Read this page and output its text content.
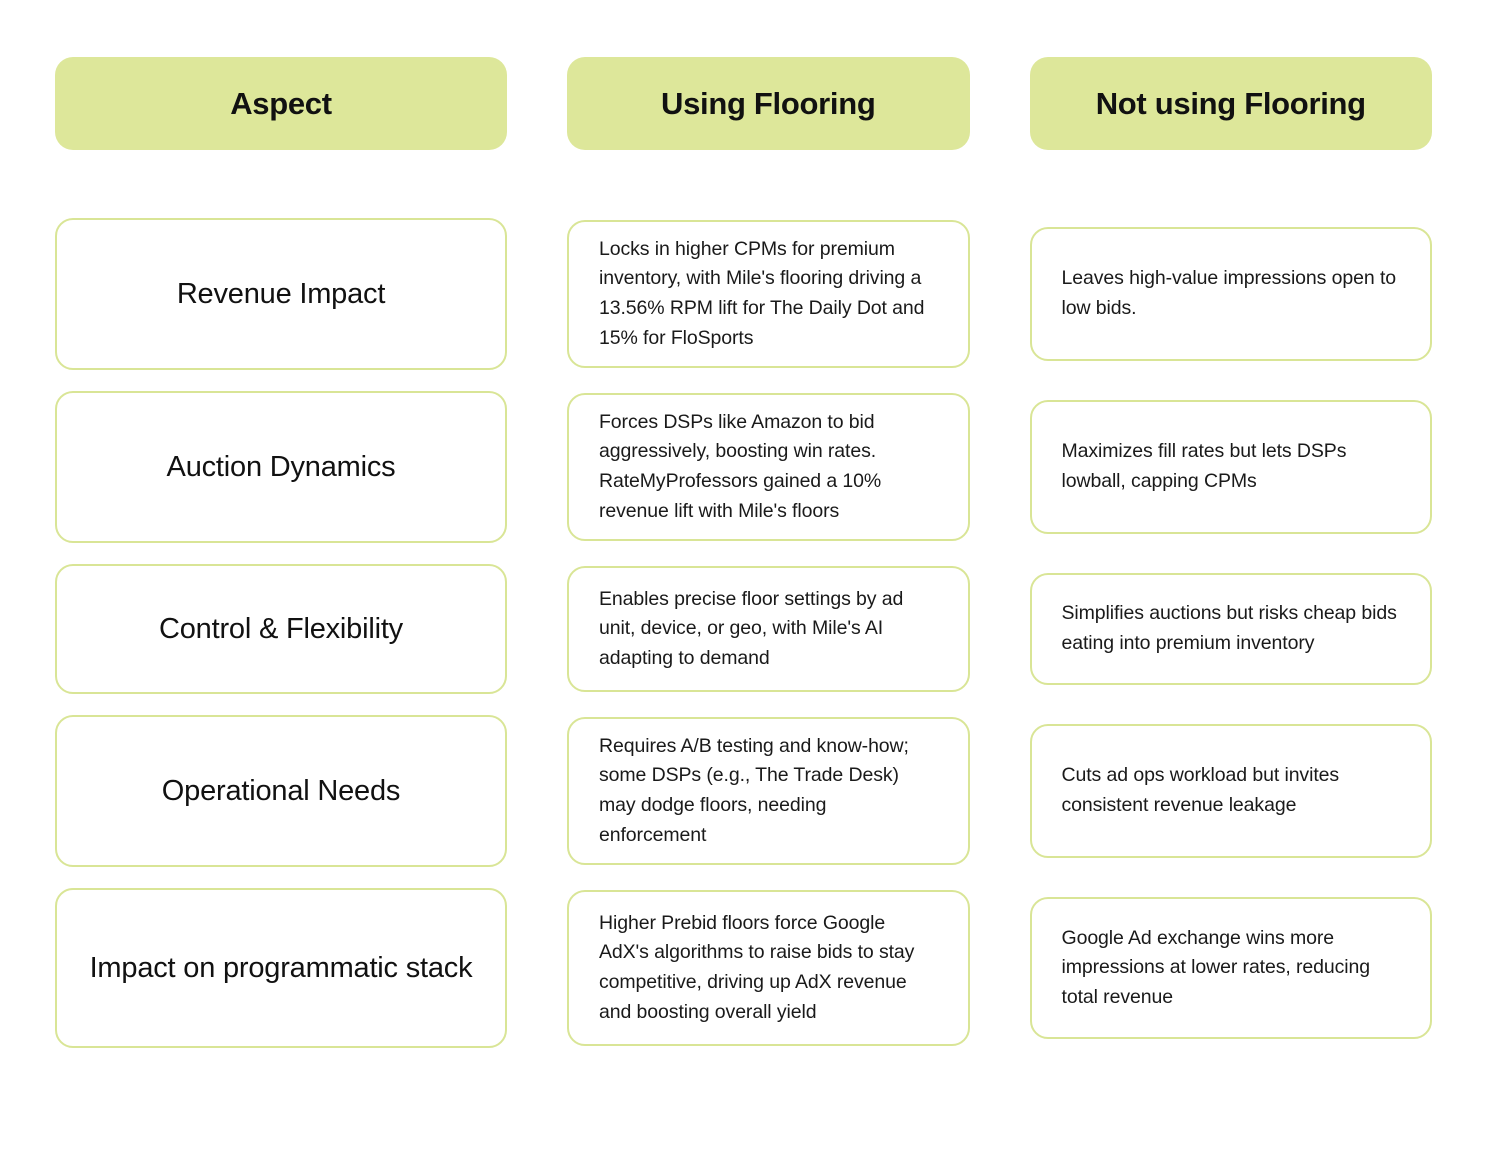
Aspect	Using Flooring	Not using Flooring
Revenue Impact
Locks in higher CPMs for premium inventory, with Mile's flooring driving a 13.56% RPM lift for The Daily Dot and 15% for FloSports
Leaves high-value impressions open to low bids.
Auction Dynamics
Forces DSPs like Amazon to bid aggressively, boosting win rates. RateMyProfessors gained a 10% revenue lift with Mile's floors
Maximizes fill rates but lets DSPs lowball, capping CPMs
Control & Flexibility
Enables precise floor settings by ad unit, device, or geo, with Mile's AI adapting to demand
Simplifies auctions but risks cheap bids eating into premium inventory
Operational Needs
Requires A/B testing and know-how; some DSPs (e.g., The Trade Desk) may dodge floors, needing enforcement
Cuts ad ops workload but invites consistent revenue leakage
Impact on programmatic stack
Higher Prebid floors force Google AdX's algorithms to raise bids to stay competitive, driving up AdX revenue and boosting overall yield
Google Ad exchange wins more impressions at lower rates, reducing total revenue
